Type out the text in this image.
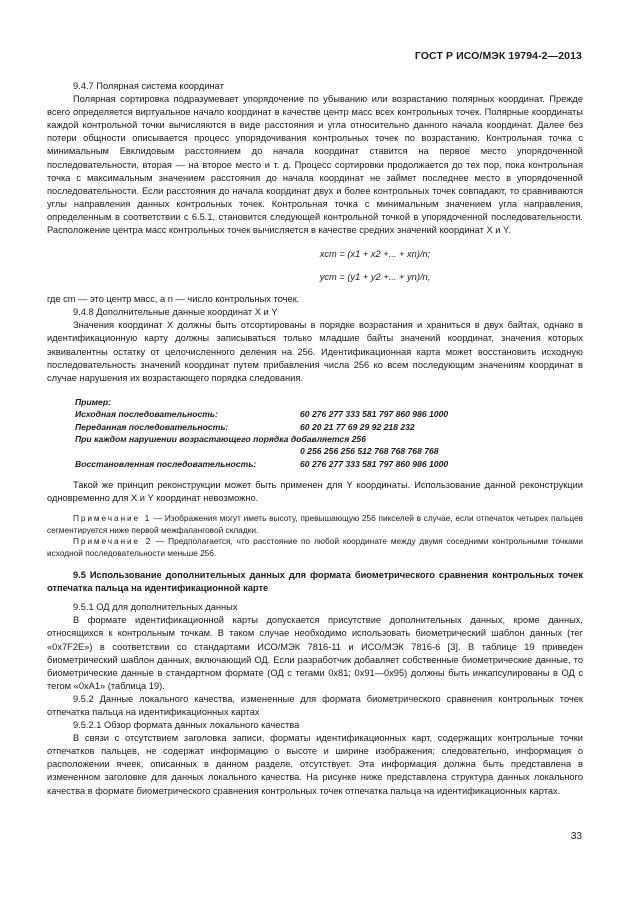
ГОСТ Р ИСО/МЭК 19794-2—2013

9.4.7 Полярная система координат

Полярная сортировка подразумевает упорядочение по убыванию или возрастанию полярных координат. Прежде всего определяется виртуальное начало координат в качестве центр масс всех контрольных точек. Полярные координаты каждой контрольной точки вычисляются в виде расстояния и угла относительно данного начала координат. Далее без потери общности описывается процесс упорядочивания контрольных точек по возрастанию. Контрольная точка с минимальным Евклидовым расстоянием до начала координат ставится на первое место упорядоченной последовательности, вторая — на второе место и т. д. Процесс сортировки продолжается до тех пор, пока контрольная точка с максимальным значением расстояния до начала координат не займет последнее место в упорядоченной последовательности. Если расстояния до начала координат двух и более контрольных точек совпадают, то сравниваются углы направления данных контрольных точек. Контрольная точка с минимальным значением угла направления, определенным в соответствии с 6.5.1, становится следующей контрольной точкой в упорядоченной последовательности. Расположение центра масс контрольных точек вычисляется в качестве средних значений координат X и Y.

xcm = (x1 + x2 +... + xn)/n;
ycm = (y1 + y2 +... + yn)/n,

где cm — это центр масс, а n — число контрольных точек.

9.4.8 Дополнительные данные координат X и Y

Значения координат X должны быть отсортированы в порядке возрастания и храниться в двух байтах, однако в идентификационную карту должны записываться только младшие байты значений координат, значения которых эквивалентны остатку от целочисленного деления на 256. Идентификационная карта может восстановить исходную последовательность значений координат путем прибавления числа 256 ко всем последующим значениям координат в случае нарушения их возрастающего порядка следования.

Пример:
Исходная последовательность:	60 276 277 333 581 797 860 986 1000
Переданная последовательность:	60 20 21 77 69 29 92 218 232
При каждом нарушении возрастающего порядка добавляется 256
0 256 256 256 512 768 768 768 768
Восстановленная последовательность:	60 276 277 333 581 797 860 986 1000

Такой же принцип реконструкции может быть применен для Y координаты. Использование данной реконструкции одновременно для X и Y координат невозможно.

Примечание 1 — Изображения могут иметь высоту, превышающую 256 пикселей в случае, если отпечаток четырех пальцев сегментируется ниже первой межфаланговой складки.

Примечание 2 — Предполагается, что расстояние по любой координате между двумя соседними контрольными точками исходной последовательности меньше 256.

9.5 Использование дополнительных данных для формата биометрического сравнения контрольных точек отпечатка пальца на идентификационной карте

9.5.1 ОД для дополнительных данных

В формате идентификационной карты допускается присутствие дополнительных данных, кроме данных, относящихся к контрольным точкам. В таком случае необходимо использовать биометрический шаблон данных (тег «0x7F2E») в соответствии со стандартами ИСО/МЭК 7816-11 и ИСО/МЭК 7816-6 [3]. В таблице 19 приведен биометрический шаблон данных, включающий ОД. Если разработчик добавляет собственные биометрические данные, то биометрические данные в стандартном формате (ОД с тегами 0x81; 0x91—0x95) должны быть инкапсулированы в ОД с тегом «0xA1» (таблица 19).

9.5.2 Данные локального качества, измененные для формата биометрического сравнения контрольных точек отпечатка пальца на идентификационных картах

9.5.2.1 Обзор формата данных локального качества

В связи с отсутствием заголовка записи, форматы идентификационных карт, содержащих контрольные точки отпечатков пальцев, не содержат информацию о высоте и ширине изображения; следовательно, информация о расположении ячеек, описанных в данном разделе, отсутствует. Эта информация должна быть представлена в измененном заголовке для данных локального качества. На рисунке ниже представлена структура данных локального качества в формате биометрического сравнения контрольных точек отпечатка пальца на идентификационных картах.

33
